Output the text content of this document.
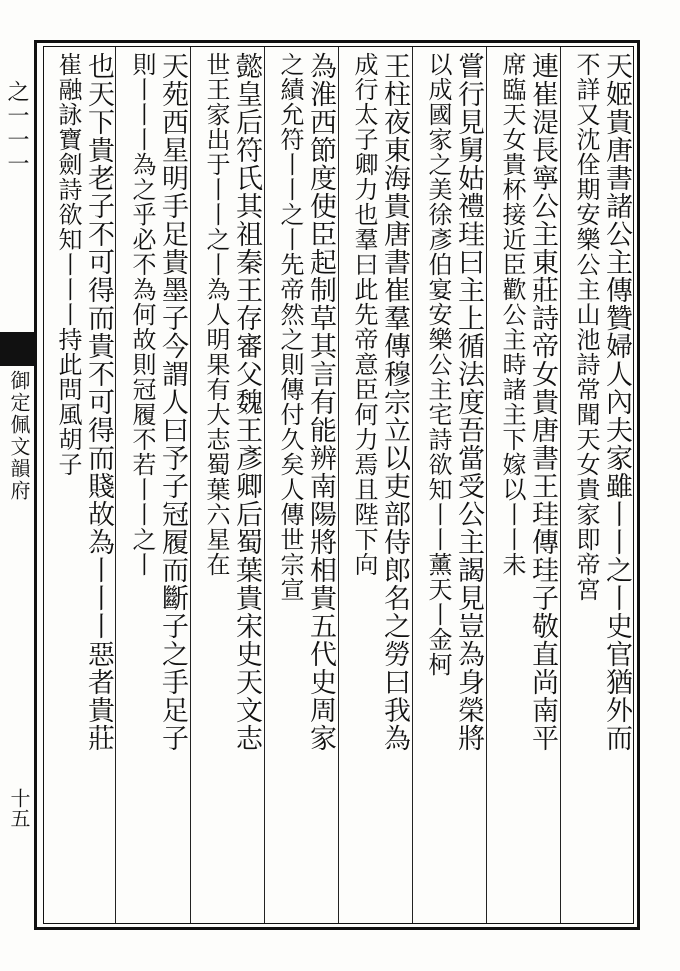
之一一一
御定佩文韻府
十五
天姬貴唐書諸公主傳贊婦人內夫家雖丨丨之丨史官猶外而
不詳又沈佺期安樂公主山池詩常聞天女貴家即帝宮
連崔湜長寧公主東莊詩帝女貴唐書王珪傳珪子敬直尚南平
席臨天女貴杯接近臣歡公主時諸主下嫁以丨丨未
嘗行見舅姑禮珪曰主上循法度吾當受公主謁見豈為身榮將
以成國家之美徐彥伯宴安樂公主宅詩欲知丨丨薰天丨金柯
王柱夜東海貴唐書崔羣傳穆宗立以吏部侍郎名之勞曰我為
成行太子卿力也羣曰此先帝意臣何力焉且陛下向
為淮西節度使臣起制草其言有能辨南陽將相貴五代史周家
之績允符丨丨之丨先帝然之則傳付久矣人傳世宗宣
懿皇后符氏其祖秦王存審父魏王彥卿后蜀葉貴宋史天文志
世王家出于丨丨之丨為人明果有大志蜀葉六星在
天苑西星明手足貴墨子今謂人曰予子冠履而斷子之手足子
則丨丨丨為之乎必不為何故則冠履不若丨丨之丨
也天下貴老子不可得而貴不可得而賤故為丨丨丨惡者貴莊
崔融詠寶劍詩欲知丨丨丨持此問風胡子
